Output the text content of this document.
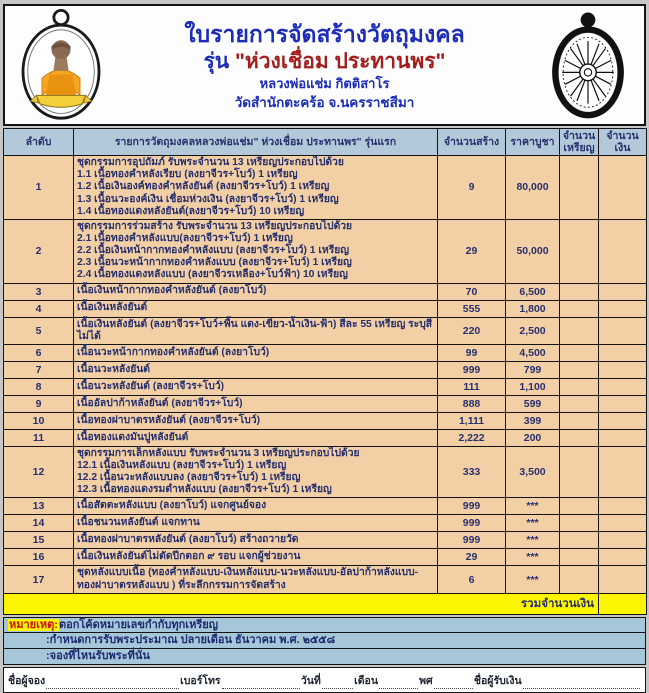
ใบรายการจัดสร้างวัตถุมงคล
รุ่น "ห่วงเชื่อม ประทานพร"
หลวงพ่อแช่ม กิตติสาโร
วัดสำนักตะคร้อ จ.นครราชสีมา
ลำดับ	รายการวัตถุมงคลหลวงพ่อแช่ม" ห่วงเชื่อม ประทานพร" รุ่นแรก	จำนวนสร้าง	ราคาบูชา	จำนวน เหรียญ	จำนวนเงิน
1	ชุดกรรมการอุปถัมภ์ รับพระจำนวน 13 เหรียญประกอบไปด้วย
1.1 เนื้อทองคำหลังเรียบ (ลงยาจีวร+โบว์) 1 เหรียญ
1.2 เนื้อเงินองค์ทองคำหลังยันต์ (ลงยาจีวร+โบว์) 1 เหรียญ
1.3 เนื้อนวะองค์เงิน เชื่อมห่วงเงิน (ลงยาจีวร+โบว์) 1 เหรียญ
1.4 เนื้อทองแดงหลังยันต์(ลงยาจีวร+โบว์) 10 เหรียญ	9	80,000		
2	ชุดกรรมการร่วมสร้าง รับพระจำนวน 13 เหรียญประกอบไปด้วย
2.1 เนื้อทองคำหลังแบบ(ลงยาจีวร+โบว์) 1 เหรียญ
2.2 เนื้อเงินหน้ากากทองคำหลังแบบ (ลงยาจีวร+โบว์) 1 เหรียญ
2.3 เนื้อนวะหน้ากากทองคำหลังแบบ (ลงยาจีวร+โบว์) 1 เหรียญ
2.4 เนื้อทองแดงหลังแบบ (ลงยาจีวรเหลือง+โบว์ฟ้า) 10 เหรียญ	29	50,000		
3	เนื้อเงินหน้ากากทองคำหลังยันต์ (ลงยาโบว์)	70	6,500		
4	เนื้อเงินหลังยันต์	555	1,800		
5	เนื้อเงินหลังยันต์ (ลงยาจีวร+โบว์+พื้น แดง-เขียว-น้ำเงิน-ฟ้า) สีละ 55 เหรียญ ระบุสีไม่ได้	220	2,500		
6	เนื้อนวะหน้ากากทองคำหลังยันต์ (ลงยาโบว์)	99	4,500		
7	เนื้อนวะหลังยันต์	999	799		
8	เนื้อนวะหลังยันต์ (ลงยาจีวร+โบว์)	111	1,100		
9	เนื้ออัลปาก้าหลังยันต์ (ลงยาจีวร+โบว์)	888	599		
10	เนื้อทองฝาบาตรหลังยันต์ (ลงยาจีวร+โบว์)	1,111	399		
11	เนื้อทองแดงมันปูหลังยันต์	2,222	200		
12	ชุดกรรมการเล็กหลังแบบ รับพระจำนวน 3 เหรียญประกอบไปด้วย
12.1 เนื้อเงินหลังแบบ (ลงยาจีวร+โบว์) 1 เหรียญ
12.2 เนื้อนวะหลังแบบลง (ลงยาจีวร+โบว์) 1 เหรียญ
12.3 เนื้อทองแดงรมดำหลังแบบ (ลงยาจีวร+โบว์) 1 เหรียญ	333	3,500		
13	เนื้อสัตตะหลังแบบ (ลงยาโบว์) แจกศูนย์จอง	999	***		
14	เนื้อชนวนหลังยันต์ แจกทาน	999	***		
15	เนื้อทองฝาบาตรหลังยันต์ (ลงยาโบว์) สร้างถวายวัด	999	***		
16	เนื้อเงินหลังยันต์ไม่ตัดปีกตอก ๙ รอบ แจกผู้ช่วยงาน	29	***		
17	ชุดหลังแบบเนื้อ (ทองคำหลังแบบ-เงินหลังแบบ-นวะหลังแบบ-อัลปาก้าหลังแบบ-ทองฝาบาตรหลังแบบ ) ที่ระลึกกรรมการจัดสร้าง	6	***		
รวมจำนวนเงิน					
หมายเหตุ:ตอกโค้ดหมายเลขกำกับทุกเหรียญ
:กำหนดการรับพระประมาณ ปลายเดือน ธันวาคม พ.ศ. ๒๕๕๘
:จองที่ไหนรับพระที่นั่น
ชื่อผู้จอง	เบอร์โทร	วันที่	เดือน	พศ	ชื่อผู้รับเงิน
